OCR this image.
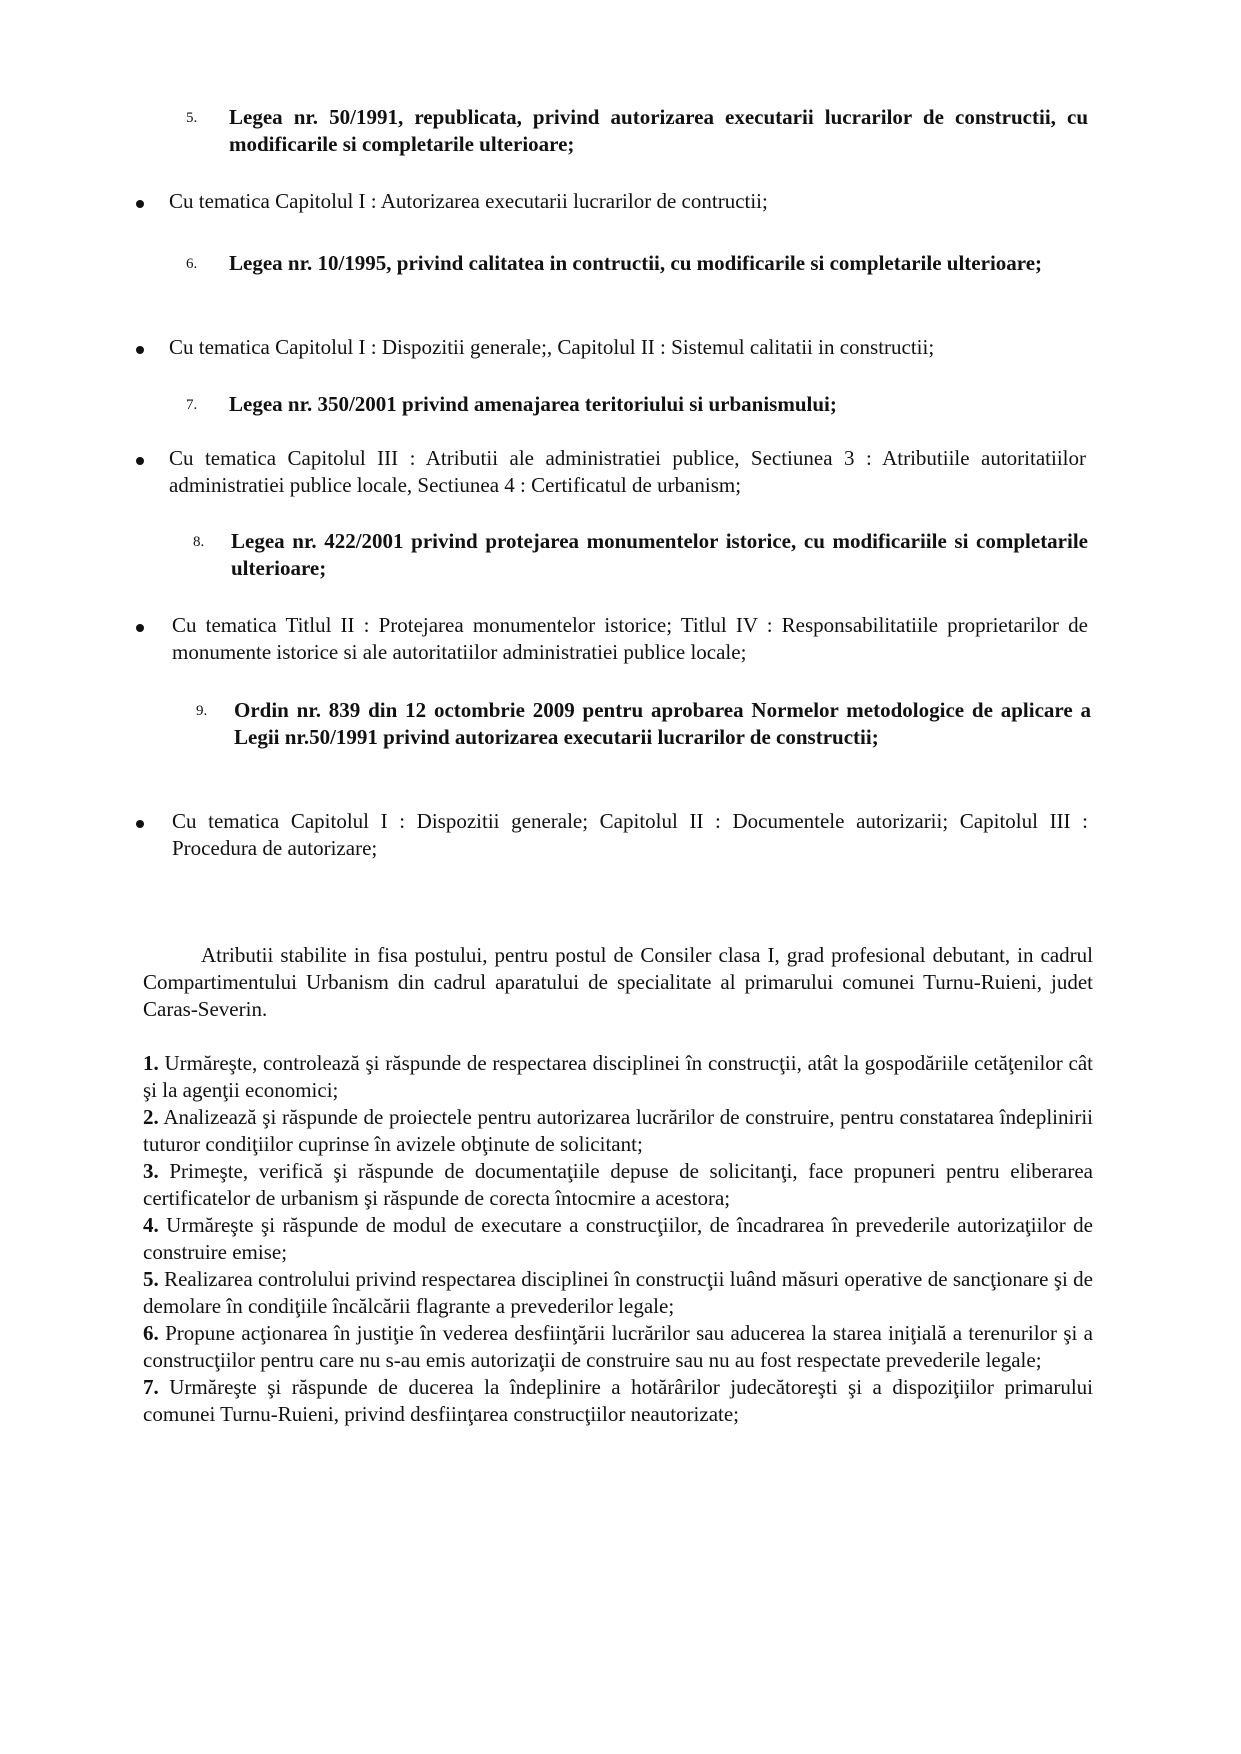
5. Legea nr. 50/1991, republicata, privind autorizarea executarii lucrarilor de constructii, cu modificarile si completarile ulterioare;
Cu tematica Capitolul I : Autorizarea executarii lucrarilor de contructii;
6. Legea nr. 10/1995, privind calitatea in contructii, cu modificarile si completarile ulterioare;
Cu tematica Capitolul I : Dispozitii generale;, Capitolul II : Sistemul calitatii in constructii;
7. Legea nr. 350/2001 privind amenajarea teritoriului si urbanismului;
Cu tematica Capitolul III : Atributii ale administratiei publice, Sectiunea 3 : Atributiile autoritatiilor administratiei publice locale, Sectiunea 4 : Certificatul de urbanism;
8. Legea nr. 422/2001 privind protejarea monumentelor istorice, cu modificariile si completarile ulterioare;
Cu tematica Titlul II : Protejarea monumentelor istorice; Titlul IV : Responsabilitatiile proprietarilor de monumente istorice si ale autoritatiilor administratiei publice locale;
9. Ordin nr. 839 din 12 octombrie 2009 pentru aprobarea Normelor metodologice de aplicare a Legii nr.50/1991 privind autorizarea executarii lucrarilor de constructii;
Cu tematica Capitolul I : Dispozitii generale; Capitolul II : Documentele autorizarii; Capitolul III : Procedura de autorizare;
Atributii stabilite in fisa postului, pentru postul de Consiler clasa I, grad profesional debutant, in cadrul Compartimentului Urbanism din cadrul aparatului de specialitate al primarului comunei Turnu-Ruieni, judet Caras-Severin.
1. Urmăreşte, controlează şi răspunde de respectarea disciplinei în construcţii, atât la gospodăriile cetăţenilor cât şi la agenţii economici;
2. Analizează şi răspunde de proiectele pentru autorizarea lucrărilor de construire, pentru constatarea îndeplinirii tuturor condiţiilor cuprinse în avizele obţinute de solicitant;
3. Primeşte, verifică şi răspunde de documentaţiile depuse de solicitanţi, face propuneri pentru eliberarea certificatelor de urbanism şi răspunde de corecta întocmire a acestora;
4. Urmăreşte şi răspunde de modul de executare a construcţiilor, de încadrarea în prevederile autorizaţiilor de construire emise;
5. Realizarea controlului privind respectarea disciplinei în construcţii luând măsuri operative de sancţionare şi de demolare în condiţiile încălcării flagrante a prevederilor legale;
6. Propune acţionarea în justiţie în vederea desfiinţării lucrărilor sau aducerea la starea iniţială a terenurilor şi a construcţiilor pentru care nu s-au emis autorizaţii de construire sau nu au fost respectate prevederile legale;
7. Urmăreşte şi răspunde de ducerea la îndeplinire a hotărârilor judecătoreşti şi a dispoziţiilor primarului comunei Turnu-Ruieni, privind desfiinţarea construcţiilor neautorizate;
